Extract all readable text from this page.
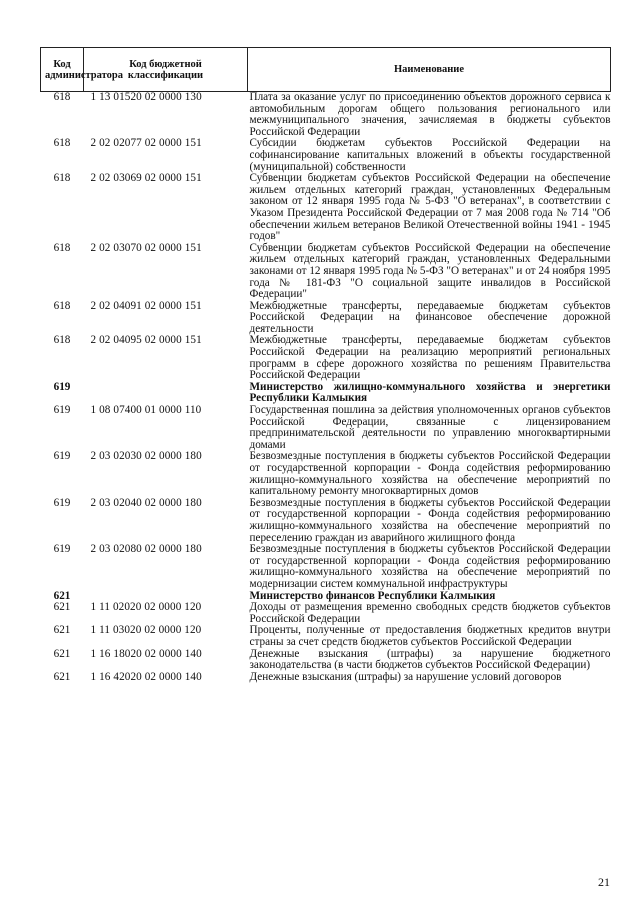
Код администратора	Код бюджетной классификации	Наименование
618	1 13 01520 02 0000 130	Плата за оказание услуг по присоединению объектов дорожного сервиса к автомобильным дорогам общего пользования регионального или межмуниципального значения, зачисляемая в бюджеты субъектов Российской Федерации
618	2 02 02077 02 0000 151	Субсидии бюджетам субъектов Российской Федерации на софинансирование капитальных вложений в объекты государственной (муниципальной) собственности
618	2 02 03069 02 0000 151	Субвенции бюджетам субъектов Российской Федерации на обеспечение жильем отдельных категорий граждан, установленных Федеральным законом от 12 января 1995 года № 5-ФЗ "О ветеранах", в соответствии с Указом Президента Российской Федерации от 7 мая 2008 года № 714 "Об обеспечении жильем ветеранов Великой Отечественной войны 1941 - 1945 годов"
618	2 02 03070 02 0000 151	Субвенции бюджетам субъектов Российской Федерации на обеспечение жильем отдельных категорий граждан, установленных Федеральными законами от 12 января 1995 года № 5-ФЗ "О ветеранах" и от 24 ноября 1995 года № 181-ФЗ "О социальной защите инвалидов в Российской Федерации"
618	2 02 04091 02 0000 151	Межбюджетные трансферты, передаваемые бюджетам субъектов Российской Федерации на финансовое обеспечение дорожной деятельности
618	2 02 04095 02 0000 151	Межбюджетные трансферты, передаваемые бюджетам субъектов Российской Федерации на реализацию мероприятий региональных программ в сфере дорожного хозяйства по решениям Правительства Российской Федерации
619		Министерство жилищно-коммунального хозяйства и энергетики Республики Калмыкия
619	1 08 07400 01 0000 110	Государственная пошлина за действия уполномоченных органов субъектов Российской Федерации, связанные с лицензированием предпринимательской деятельности по управлению многоквартирными домами
619	2 03 02030 02 0000 180	Безвозмездные поступления в бюджеты субъектов Российской Федерации от государственной корпорации - Фонда содействия реформированию жилищно-коммунального хозяйства на обеспечение мероприятий по капитальному ремонту многоквартирных домов
619	2 03 02040 02 0000 180	Безвозмездные поступления в бюджеты субъектов Российской Федерации от государственной корпорации - Фонда содействия реформированию жилищно-коммунального хозяйства на обеспечение мероприятий по переселению граждан из аварийного жилищного фонда
619	2 03 02080 02 0000 180	Безвозмездные поступления в бюджеты субъектов Российской Федерации от государственной корпорации - Фонда содействия реформированию жилищно-коммунального хозяйства на обеспечение мероприятий по модернизации систем коммунальной инфраструктуры
621		Министерство финансов Республики Калмыкия
621	1 11 02020 02 0000 120	Доходы от размещения временно свободных средств бюджетов субъектов Российской Федерации
621	1 11 03020 02 0000 120	Проценты, полученные от предоставления бюджетных кредитов внутри страны за счет средств бюджетов субъектов Российской Федерации
621	1 16 18020 02 0000 140	Денежные взыскания (штрафы) за нарушение бюджетного законодательства (в части бюджетов субъектов Российской Федерации)
621	1 16 42020 02 0000 140	Денежные взыскания (штрафы) за нарушение условий договоров
21
